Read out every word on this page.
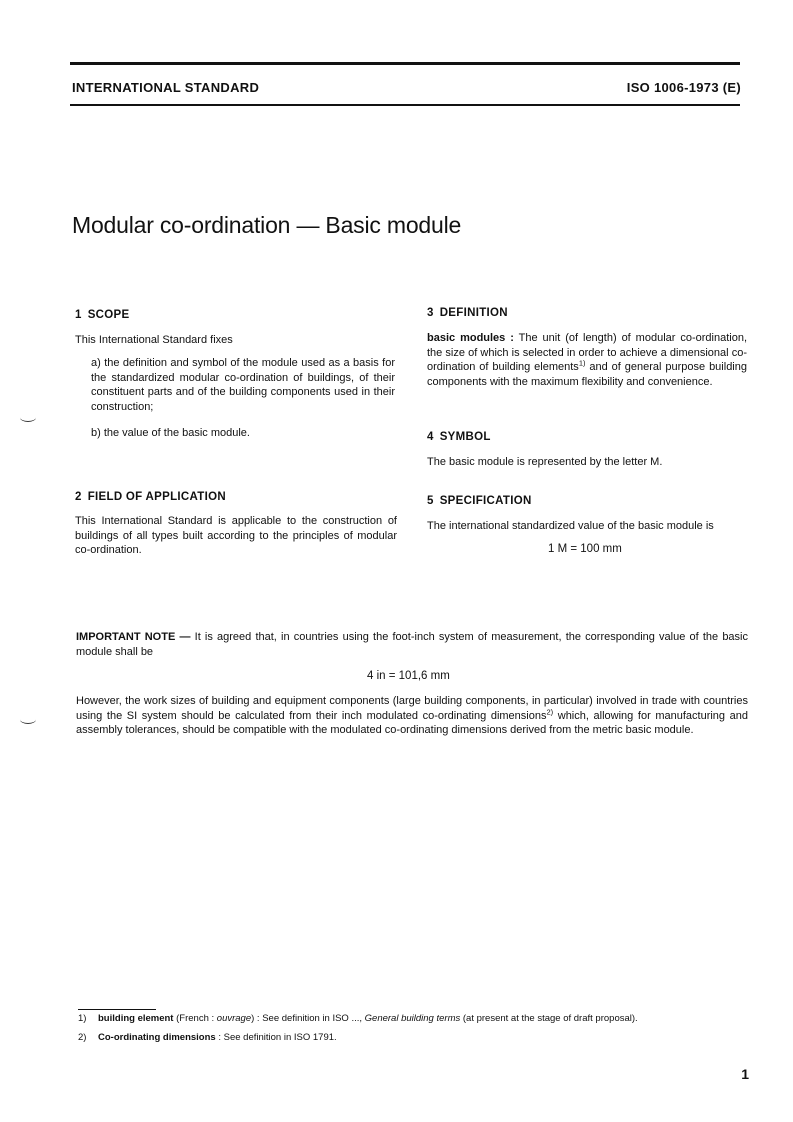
INTERNATIONAL STANDARD	ISO 1006-1973 (E)
Modular co-ordination — Basic module
1 SCOPE
This International Standard fixes
a) the definition and symbol of the module used as a basis for the standardized modular co-ordination of buildings, of their constituent parts and of the building components used in their construction;
b) the value of the basic module.
2 FIELD OF APPLICATION
This International Standard is applicable to the construction of buildings of all types built according to the principles of modular co-ordination.
3 DEFINITION
basic modules : The unit (of length) of modular co-ordination, the size of which is selected in order to achieve a dimensional co-ordination of building elements$^{1)}$ and of general purpose building components with the maximum flexibility and convenience.
4 SYMBOL
The basic module is represented by the letter M.
5 SPECIFICATION
The international standardized value of the basic module is
1 M = 100 mm
IMPORTANT NOTE — It is agreed that, in countries using the foot-inch system of measurement, the corresponding value of the basic module shall be
4 in = 101,6 mm
However, the work sizes of building and equipment components (large building components, in particular) involved in trade with countries using the SI system should be calculated from their inch modulated co-ordinating dimensions$^{2)}$ which, allowing for manufacturing and assembly tolerances, should be compatible with the modulated co-ordinating dimensions derived from the metric basic module.
1) building element (French : ouvrage) : See definition in ISO ..., General building terms (at present at the stage of draft proposal).
2) Co-ordinating dimensions : See definition in ISO 1791.
1
